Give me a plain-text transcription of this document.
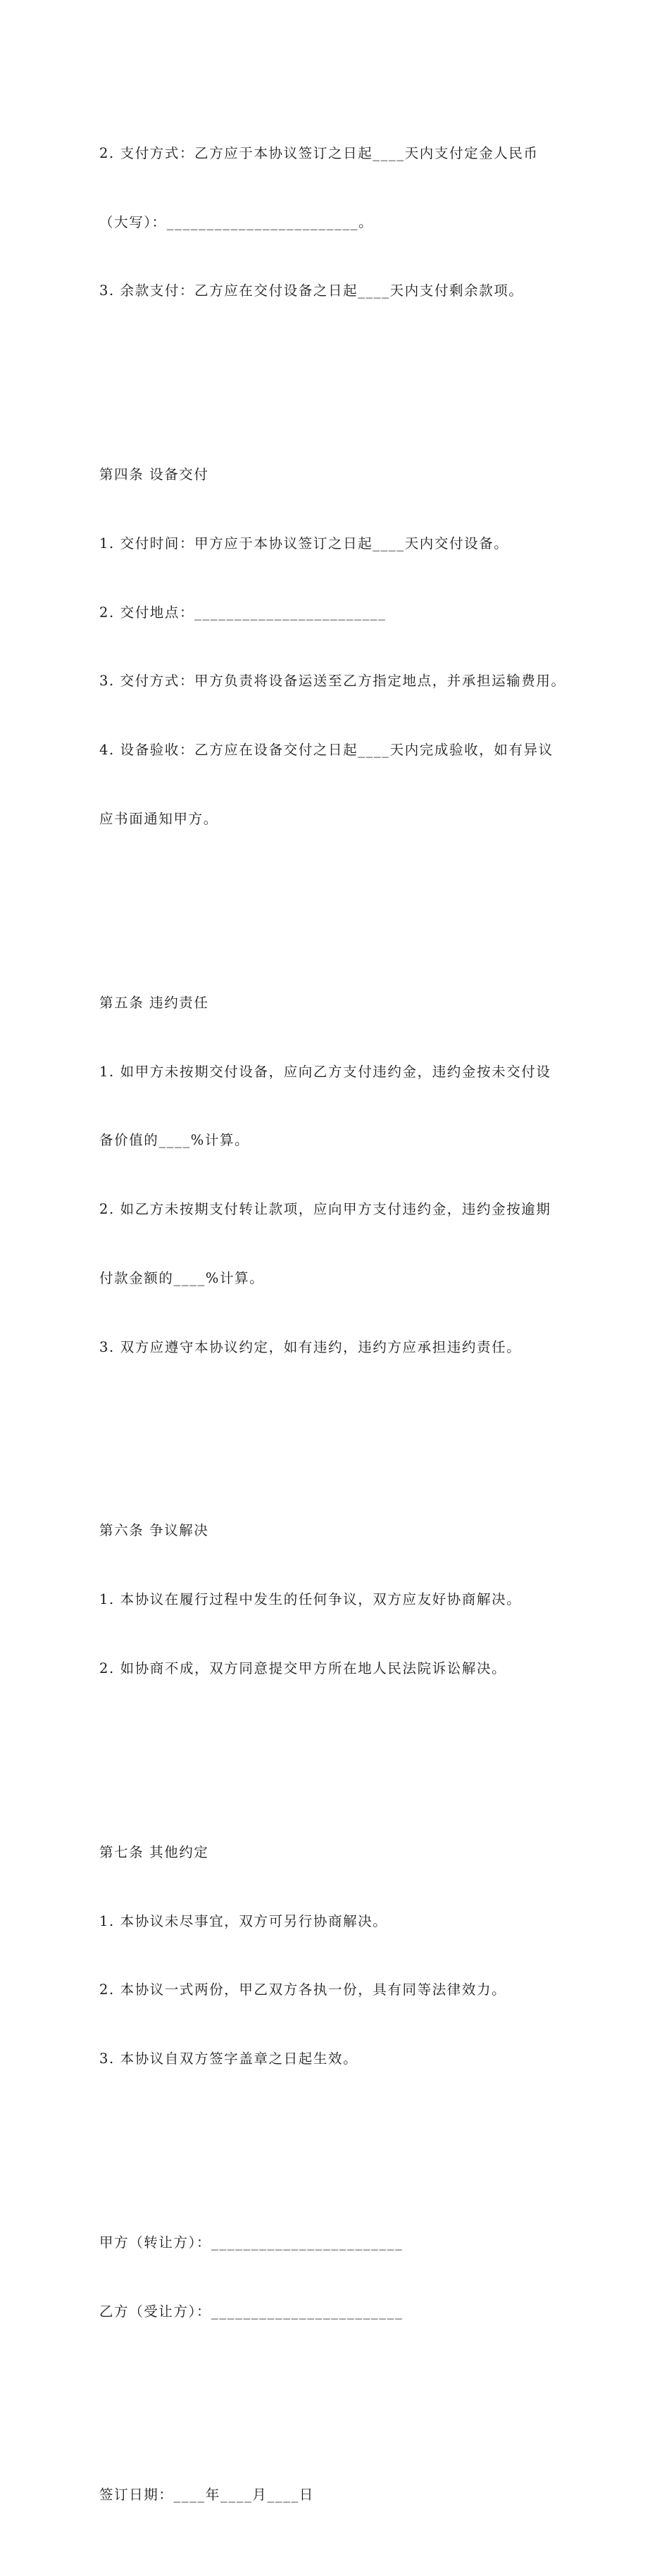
2. 支付方式：乙方应于本协议签订之日起____天内支付定金人民币

（大写）：________________________。

3. 余款支付：乙方应在交付设备之日起____天内支付剩余款项。

第四条 设备交付

1. 交付时间：甲方应于本协议签订之日起____天内交付设备。

2. 交付地点：________________________

3. 交付方式：甲方负责将设备运送至乙方指定地点，并承担运输费用。

4. 设备验收：乙方应在设备交付之日起____天内完成验收，如有异议

应书面通知甲方。

第五条 违约责任

1. 如甲方未按期交付设备，应向乙方支付违约金，违约金按未交付设

备价值的____%计算。

2. 如乙方未按期支付转让款项，应向甲方支付违约金，违约金按逾期

付款金额的____%计算。

3. 双方应遵守本协议约定，如有违约，违约方应承担违约责任。

第六条 争议解决

1. 本协议在履行过程中发生的任何争议，双方应友好协商解决。

2. 如协商不成，双方同意提交甲方所在地人民法院诉讼解决。

第七条 其他约定

1. 本协议未尽事宜，双方可另行协商解决。

2. 本协议一式两份，甲乙双方各执一份，具有同等法律效力。

3. 本协议自双方签字盖章之日起生效。

甲方（转让方）：________________________

乙方（受让方）：________________________

签订日期：____年____月____日
